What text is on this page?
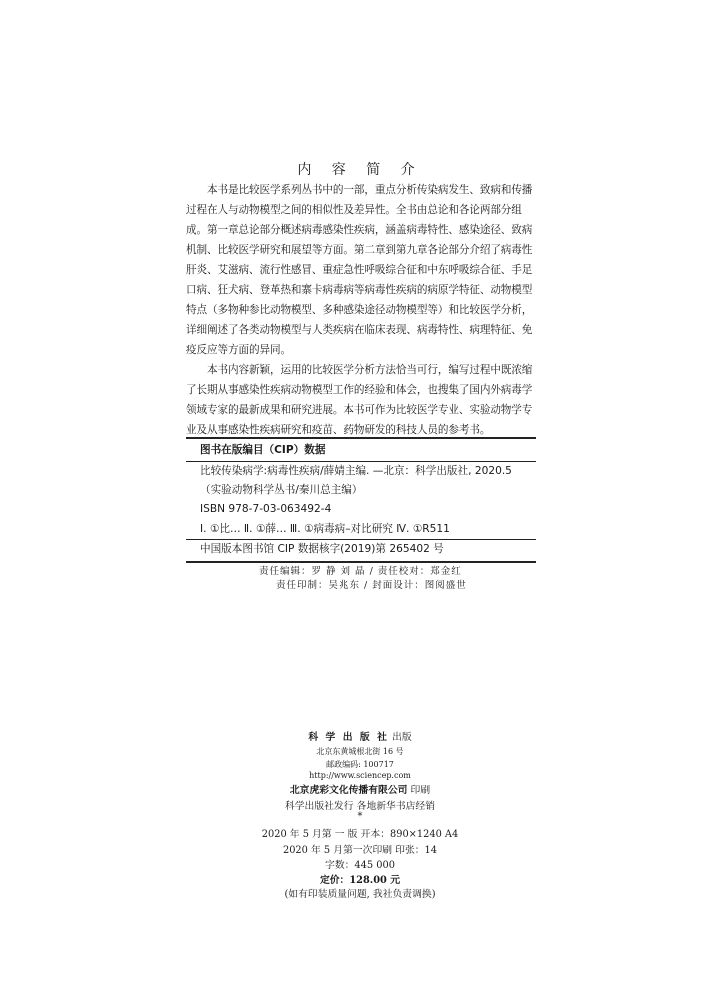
内 容 简 介
本书是比较医学系列丛书中的一部，重点分析传染病发生、致病和传播
过程在人与动物模型之间的相似性及差异性。全书由总论和各论两部分组
成。第一章总论部分概述病毒感染性疾病，涵盖病毒特性、感染途径、致病
机制、比较医学研究和展望等方面。第二章到第九章各论部分介绍了病毒性
肝炎、艾滋病、流行性感冒、重症急性呼吸综合征和中东呼吸综合征、手足
口病、狂犬病、登革热和寨卡病毒病等病毒性疾病的病原学特征、动物模型
特点（多物种参比动物模型、多种感染途径动物模型等）和比较医学分析，
详细阐述了各类动物模型与人类疾病在临床表现、病毒特性、病理特征、免
疫反应等方面的异同。
本书内容新颖，运用的比较医学分析方法恰当可行，编写过程中既浓缩
了长期从事感染性疾病动物模型工作的经验和体会，也搜集了国内外病毒学
领域专家的最新成果和研究进展。本书可作为比较医学专业、实验动物学专
业及从事感染性疾病研究和疫苗、药物研发的科技人员的参考书。
图书在版编目（CIP）数据
比较传染病学:病毒性疾病/薛婧主编. —北京：科学出版社, 2020.5
（实验动物科学丛书/秦川总主编）
ISBN 978-7-03-063492-4
Ⅰ. ①比… Ⅱ. ①薛… Ⅲ. ①病毒病–对比研究 Ⅳ. ①R511
中国版本图书馆 CIP 数据核字(2019)第 265402 号
责任编辑：罗 静 刘 晶 / 责任校对：郑金红
责任印制：吴兆东 / 封面设计：图阅盛世
科 学 出 版 社 出版
北京东黄城根北街 16 号
邮政编码: 100717
http://www.sciencep.com
北京虎彩文化传播有限公司 印刷
科学出版社发行 各地新华书店经销
*
2020 年 5 月第 一 版 开本：890×1240 A4
2020 年 5 月第一次印刷 印张：14
字数：445 000
定价：128.00 元
(如有印装质量问题, 我社负责调换)
